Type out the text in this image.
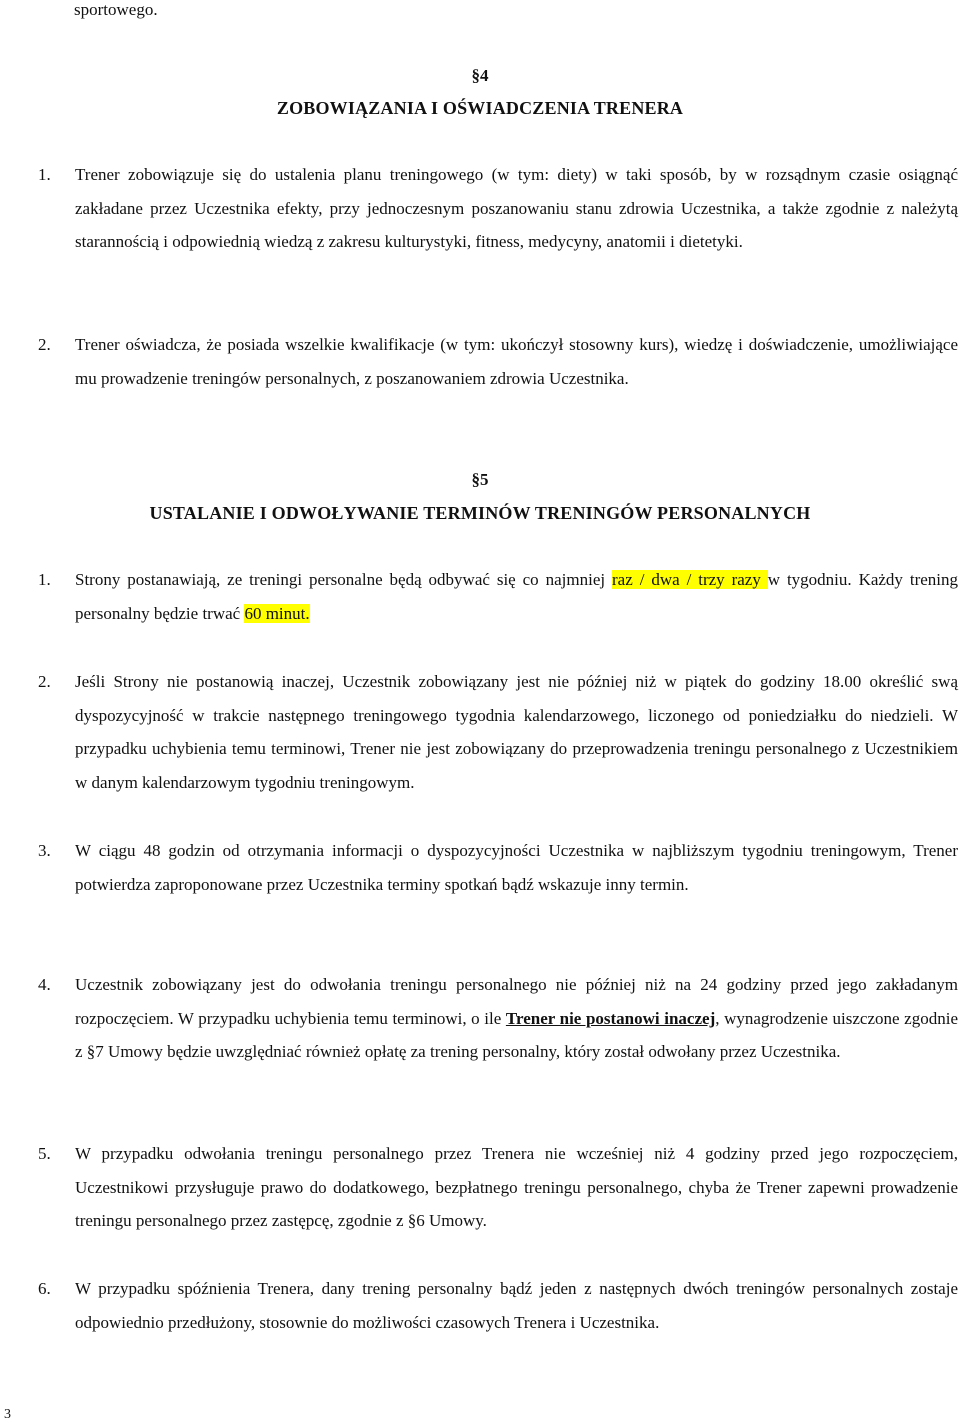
sportowego.
§4
ZOBOWIĄZANIA I OŚWIADCZENIA TRENERA
1. Trener zobowiązuje się do ustalenia planu treningowego (w tym: diety) w taki sposób, by w rozsądnym czasie osiągnąć zakładane przez Uczestnika efekty, przy jednoczesnym poszanowaniu stanu zdrowia Uczestnika, a także zgodnie z należytą starannością i odpowiednią wiedzą z zakresu kulturystyki, fitness, medycyny, anatomii i dietetyki.
2. Trener oświadcza, że posiada wszelkie kwalifikacje (w tym: ukończył stosowny kurs), wiedzę i doświadczenie, umożliwiające mu prowadzenie treningów personalnych, z poszanowaniem zdrowia Uczestnika.
§5
USTALANIE I ODWOŁYWANIE TERMINÓW TRENINGÓW PERSONALNYCH
1. Strony postanawiają, ze treningi personalne będą odbywać się co najmniej raz / dwa / trzy razy w tygodniu. Każdy trening personalny będzie trwać 60 minut.
2. Jeśli Strony nie postanowią inaczej, Uczestnik zobowiązany jest nie później niż w piątek do godziny 18.00 określić swą dyspozycyjność w trakcie następnego treningowego tygodnia kalendarzowego, liczonego od poniedziałku do niedzieli. W przypadku uchybienia temu terminowi, Trener nie jest zobowiązany do przeprowadzenia treningu personalnego z Uczestnikiem w danym kalendarzowym tygodniu treningowym.
3. W ciągu 48 godzin od otrzymania informacji o dyspozycyjności Uczestnika w najbliższym tygodniu treningowym, Trener potwierdza zaproponowane przez Uczestnika terminy spotkań bądź wskazuje inny termin.
4. Uczestnik zobowiązany jest do odwołania treningu personalnego nie później niż na 24 godziny przed jego zakładanym rozpoczęciem. W przypadku uchybienia temu terminowi, o ile Trener nie postanowi inaczej, wynagrodzenie uiszczone zgodnie z §7 Umowy będzie uwzględniać również opłatę za trening personalny, który został odwołany przez Uczestnika.
5. W przypadku odwołania treningu personalnego przez Trenera nie wcześniej niż 4 godziny przed jego rozpoczęciem, Uczestnikowi przysługuje prawo do dodatkowego, bezpłatnego treningu personalnego, chyba że Trener zapewni prowadzenie treningu personalnego przez zastępcę, zgodnie z §6 Umowy.
6. W przypadku spóźnienia Trenera, dany trening personalny bądź jeden z następnych dwóch treningów personalnych zostaje odpowiednio przedłużony, stosownie do możliwości czasowych Trenera i Uczestnika.
3
